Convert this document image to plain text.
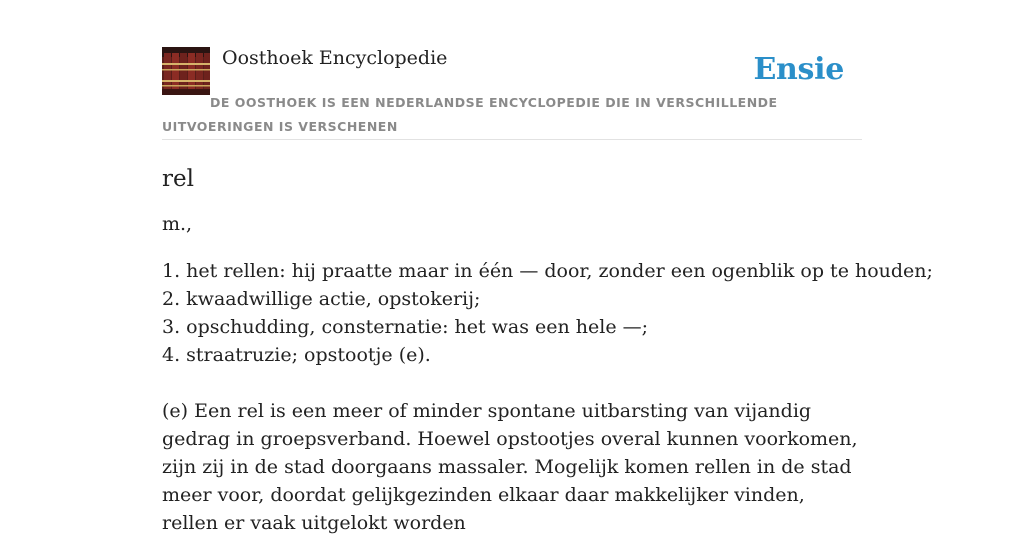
Oosthoek Encyclopedie	Ensie
DE OOSTHOEK IS EEN NEDERLANDSE ENCYCLOPEDIE DIE IN VERSCHILLENDE UITVOERINGEN IS VERSCHENEN
rel

m.,

1. het rellen: hij praatte maar in één — door, zonder een ogenblik op te houden;
2. kwaadwillige actie, opstokerij;
3. opschudding, consternatie: het was een hele —;
4. straatruzie; opstootje (e).

(e) Een rel is een meer of minder spontane uitbarsting van vijandig gedrag in groepsverband. Hoewel opstootjes overal kunnen voorkomen, zijn zij in de stad doorgaans massaler. Mogelijk komen rellen in de stad meer voor, doordat gelijkgezinden elkaar daar makkelijker vinden, rellen er vaak uitgelokt worden
